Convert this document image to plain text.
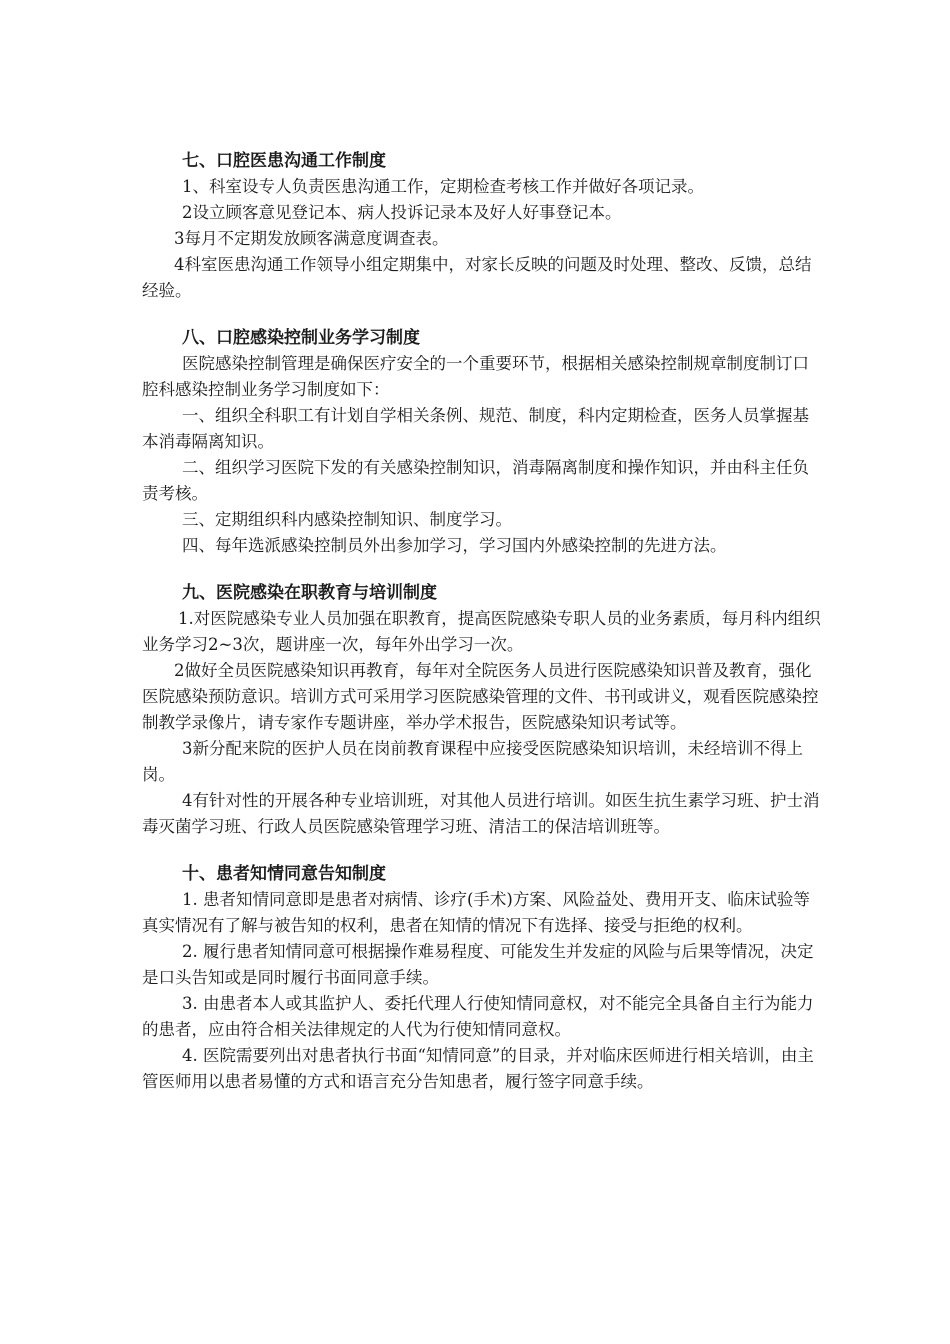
七、口腔医患沟通工作制度

1、科室设专人负责医患沟通工作，定期检查考核工作并做好各项记录。

2设立顾客意见登记本、病人投诉记录本及好人好事登记本。

3每月不定期发放顾客满意度调查表。

4科室医患沟通工作领导小组定期集中，对家长反映的问题及时处理、整改、反馈，总结经验。

八、口腔感染控制业务学习制度

医院感染控制管理是确保医疗安全的一个重要环节，根据相关感染控制规章制度制订口腔科感染控制业务学习制度如下：

一、组织全科职工有计划自学相关条例、规范、制度，科内定期检查，医务人员掌握基本消毒隔离知识。

二、组织学习医院下发的有关感染控制知识，消毒隔离制度和操作知识，并由科主任负责考核。

三、定期组织科内感染控制知识、制度学习。

四、每年选派感染控制员外出参加学习，学习国内外感染控制的先进方法。

九、医院感染在职教育与培训制度

1.对医院感染专业人员加强在职教育，提高医院感染专职人员的业务素质，每月科内组织业务学习2~3次，题讲座一次，每年外出学习一次。

2做好全员医院感染知识再教育，每年对全院医务人员进行医院感染知识普及教育，强化医院感染预防意识。培训方式可采用学习医院感染管理的文件、书刊或讲义，观看医院感染控制教学录像片，请专家作专题讲座，举办学术报告，医院感染知识考试等。

3新分配来院的医护人员在岗前教育课程中应接受医院感染知识培训，未经培训不得上岗。

4有针对性的开展各种专业培训班，对其他人员进行培训。如医生抗生素学习班、护士消毒灭菌学习班、行政人员医院感染管理学习班、清洁工的保洁培训班等。

十、患者知情同意告知制度

1. 患者知情同意即是患者对病情、诊疗(手术)方案、风险益处、费用开支、临床试验等真实情况有了解与被告知的权利，患者在知情的情况下有选择、接受与拒绝的权利。

2. 履行患者知情同意可根据操作难易程度、可能发生并发症的风险与后果等情况，决定是口头告知或是同时履行书面同意手续。

3. 由患者本人或其监护人、委托代理人行使知情同意权，对不能完全具备自主行为能力的患者，应由符合相关法律规定的人代为行使知情同意权。

4. 医院需要列出对患者执行书面“知情同意”的目录，并对临床医师进行相关培训，由主管医师用以患者易懂的方式和语言充分告知患者，履行签字同意手续。
